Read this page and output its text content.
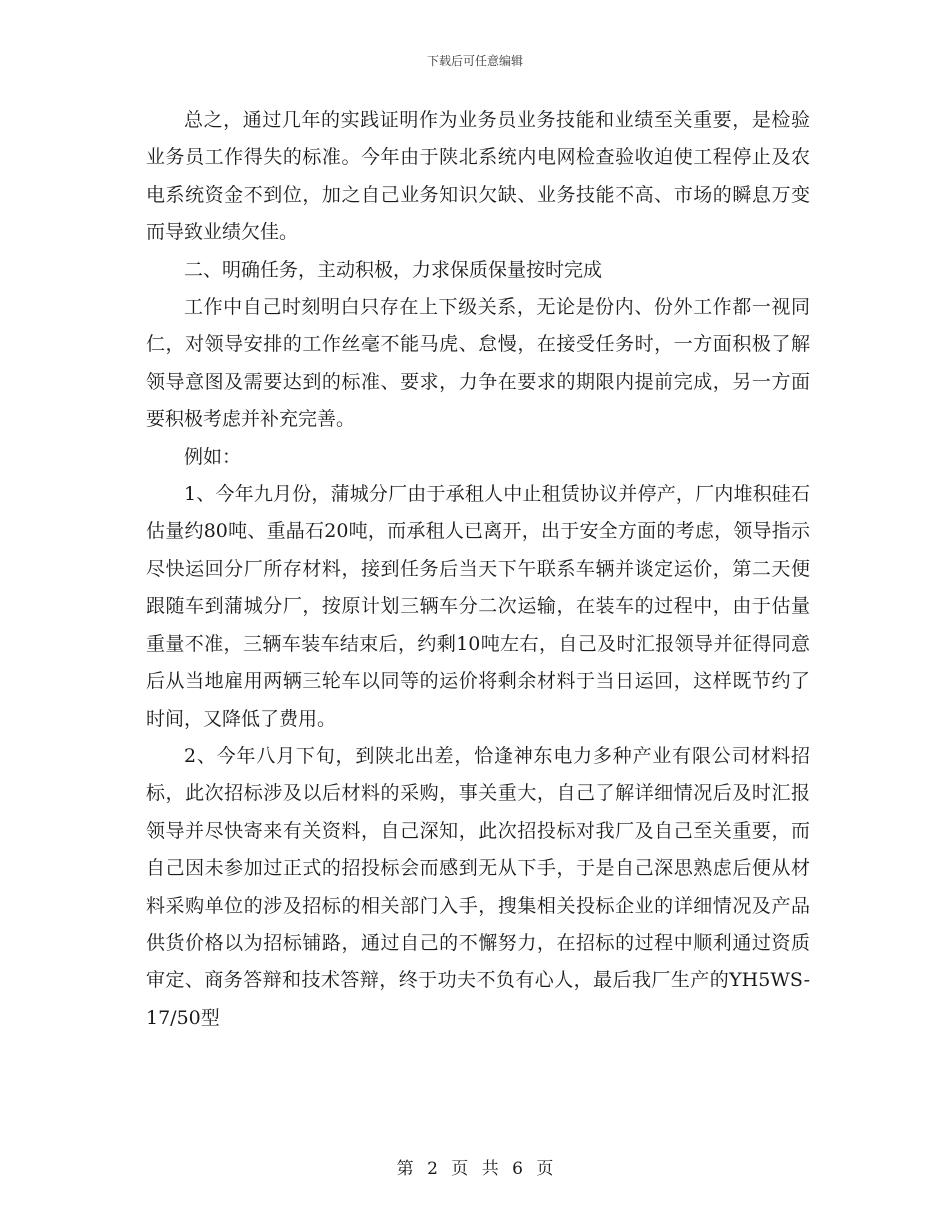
下载后可任意编辑

总之，通过几年的实践证明作为业务员业务技能和业绩至关重要，是检验业务员工作得失的标准。今年由于陕北系统内电网检查验收迫使工程停止及农电系统资金不到位，加之自己业务知识欠缺、业务技能不高、市场的瞬息万变而导致业绩欠佳。

二、明确任务，主动积极，力求保质保量按时完成

工作中自己时刻明白只存在上下级关系，无论是份内、份外工作都一视同仁，对领导安排的工作丝毫不能马虎、怠慢，在接受任务时，一方面积极了解领导意图及需要达到的标准、要求，力争在要求的期限内提前完成，另一方面要积极考虑并补充完善。

例如：

1、今年九月份，蒲城分厂由于承租人中止租赁协议并停产，厂内堆积硅石估量约80吨、重晶石20吨，而承租人已离开，出于安全方面的考虑，领导指示尽快运回分厂所存材料，接到任务后当天下午联系车辆并谈定运价，第二天便跟随车到蒲城分厂，按原计划三辆车分二次运输，在装车的过程中，由于估量重量不准，三辆车装车结束后，约剩10吨左右，自己及时汇报领导并征得同意后从当地雇用两辆三轮车以同等的运价将剩余材料于当日运回，这样既节约了时间，又降低了费用。

2、今年八月下旬，到陕北出差，恰逢神东电力多种产业有限公司材料招标，此次招标涉及以后材料的采购，事关重大，自己了解详细情况后及时汇报领导并尽快寄来有关资料，自己深知，此次招投标对我厂及自己至关重要，而自己因未参加过正式的招投标会而感到无从下手，于是自己深思熟虑后便从材料采购单位的涉及招标的相关部门入手，搜集相关投标企业的详细情况及产品供货价格以为招标铺路，通过自己的不懈努力，在招标的过程中顺利通过资质审定、商务答辩和技术答辩，终于功夫不负有心人，最后我厂生产的YH5WS-17/50型

第 2 页 共 6 页
